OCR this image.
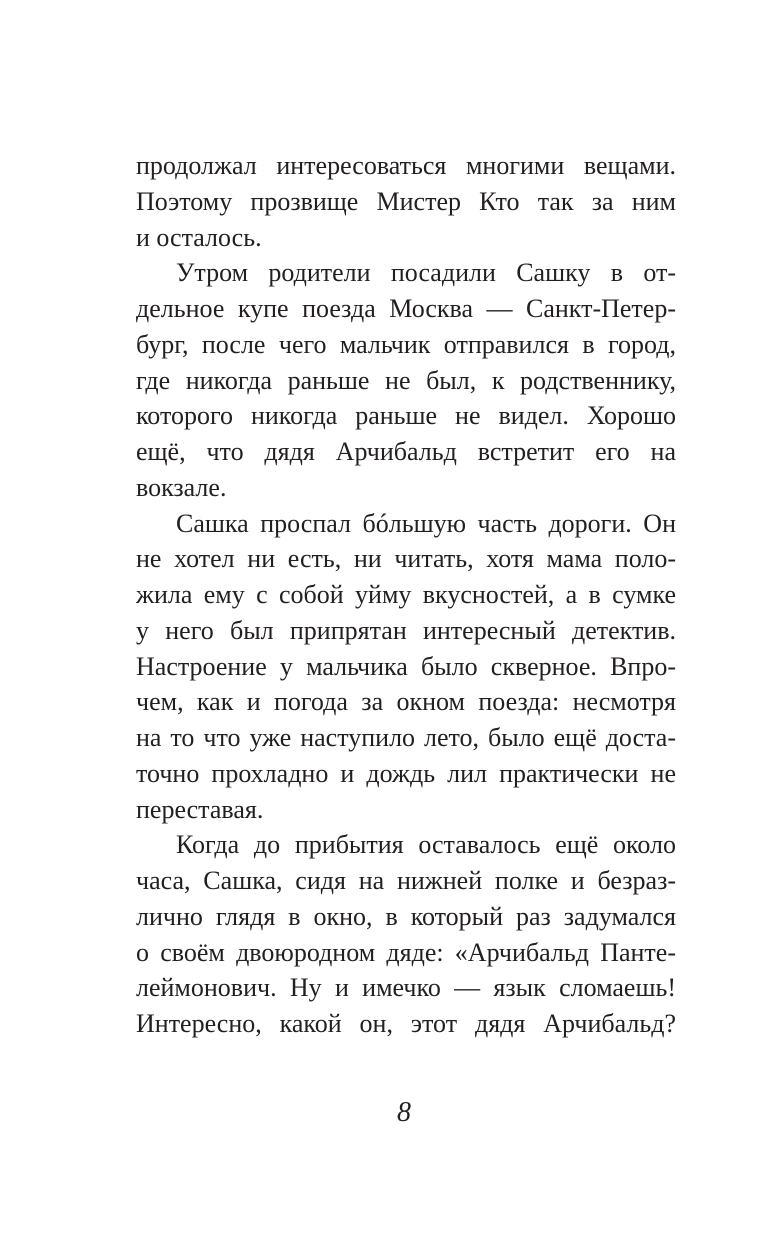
продолжал интересоваться многими вещами.
Поэтому прозвище Мистер Кто так за ним
и осталось.
Утром родители посадили Сашку в от-
дельное купе поезда Москва — Санкт-Петер-
бург, после чего мальчик отправился в город,
где никогда раньше не был, к родственнику,
которого никогда раньше не видел. Хорошо
ещё, что дядя Арчибальд встретит его на
вокзале.
Сашка проспал бóльшую часть дороги. Он
не хотел ни есть, ни читать, хотя мама поло-
жила ему с собой уйму вкусностей, а в сумке
у него был припрятан интересный детектив.
Настроение у мальчика было скверное. Впро-
чем, как и погода за окном поезда: несмотря
на то что уже наступило лето, было ещё доста-
точно прохладно и дождь лил практически не
переставая.
Когда до прибытия оставалось ещё около
часа, Сашка, сидя на нижней полке и безраз-
лично глядя в окно, в который раз задумался
о своём двоюродном дяде: «Арчибальд Панте-
леймонович. Ну и имечко — язык сломаешь!
Интересно, какой он, этот дядя Арчибальд?
8
